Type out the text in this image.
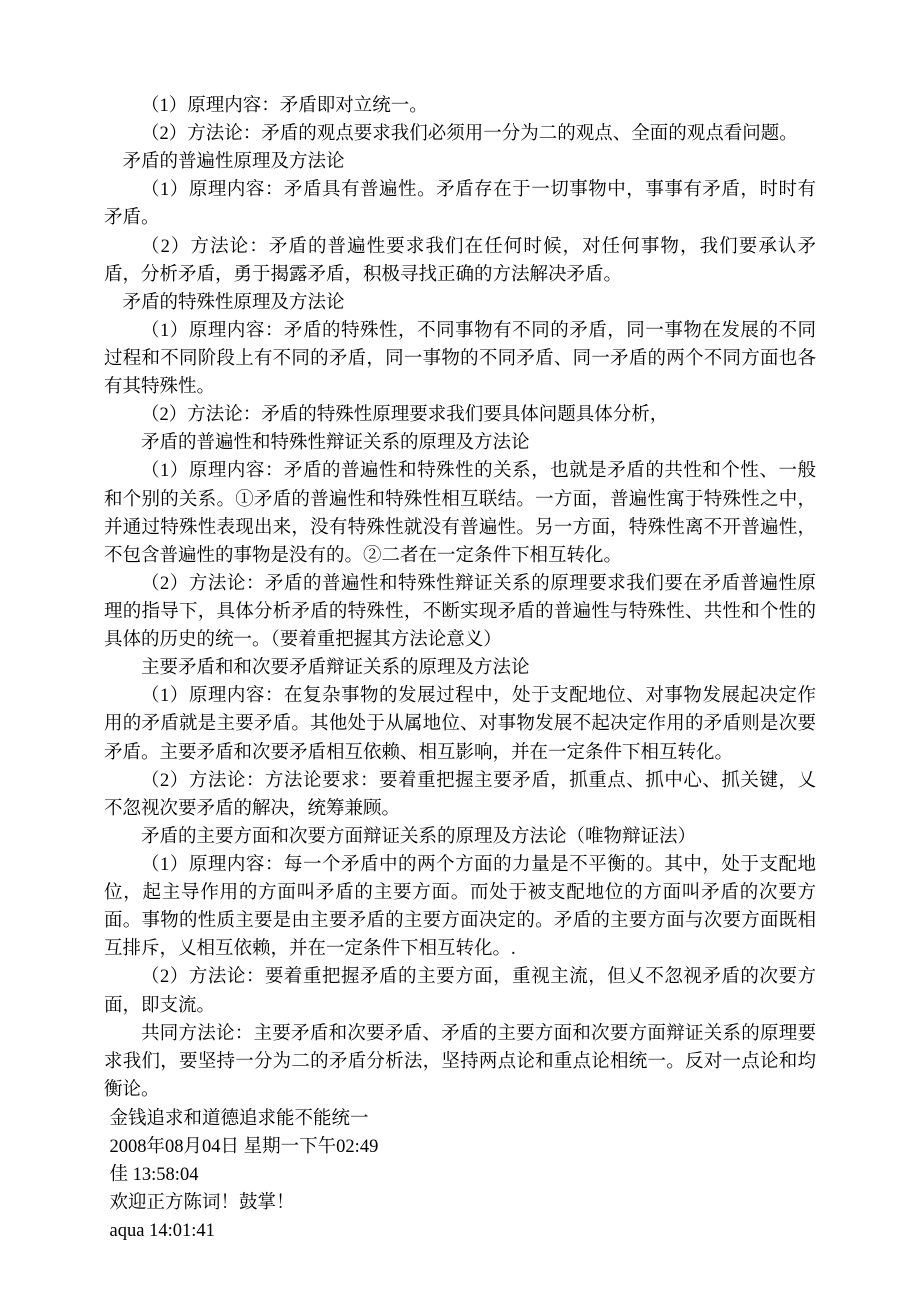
（1）原理内容：矛盾即对立统一。

（2）方法论：矛盾的观点要求我们必须用一分为二的观点、全面的观点看问题。

矛盾的普遍性原理及方法论

（1）原理内容：矛盾具有普遍性。矛盾存在于一切事物中，事事有矛盾，时时有矛盾。

（2）方法论：矛盾的普遍性要求我们在任何时候，对任何事物，我们要承认矛盾，分析矛盾，勇于揭露矛盾，积极寻找正确的方法解决矛盾。

矛盾的特殊性原理及方法论

（1）原理内容：矛盾的特殊性，不同事物有不同的矛盾，同一事物在发展的不同过程和不同阶段上有不同的矛盾，同一事物的不同矛盾、同一矛盾的两个不同方面也各有其特殊性。

（2）方法论：矛盾的特殊性原理要求我们要具体问题具体分析，

矛盾的普遍性和特殊性辩证关系的原理及方法论

（1）原理内容：矛盾的普遍性和特殊性的关系，也就是矛盾的共性和个性、一般和个别的关系。①矛盾的普遍性和特殊性相互联结。一方面，普遍性寓于特殊性之中，并通过特殊性表现出来，没有特殊性就没有普遍性。另一方面，特殊性离不开普遍性，不包含普遍性的事物是没有的。②二者在一定条件下相互转化。

（2）方法论：矛盾的普遍性和特殊性辩证关系的原理要求我们要在矛盾普遍性原理的指导下，具体分析矛盾的特殊性，不断实现矛盾的普遍性与特殊性、共性和个性的具体的历史的统一。（要着重把握其方法论意义）

主要矛盾和和次要矛盾辩证关系的原理及方法论

（1）原理内容：在复杂事物的发展过程中，处于支配地位、对事物发展起决定作用的矛盾就是主要矛盾。其他处于从属地位、对事物发展不起决定作用的矛盾则是次要矛盾。主要矛盾和次要矛盾相互依赖、相互影响，并在一定条件下相互转化。

（2）方法论：方法论要求：要着重把握主要矛盾，抓重点、抓中心、抓关键，乂不忽视次要矛盾的解决，统筹兼顾。

矛盾的主要方面和次要方面辩证关系的原理及方法论（唯物辩证法）

（1）原理内容：每一个矛盾中的两个方面的力量是不平衡的。其中，处于支配地位，起主导作用的方面叫矛盾的主要方面。而处于被支配地位的方面叫矛盾的次要方面。事物的性质主要是由主要矛盾的主要方面决定的。矛盾的主要方面与次要方面既相互排斥，乂相互依赖，并在一定条件下相互转化。.

（2）方法论：要着重把握矛盾的主要方面，重视主流，但乂不忽视矛盾的次要方面，即支流。

共同方法论：主要矛盾和次要矛盾、矛盾的主要方面和次要方面辩证关系的原理要求我们，要坚持一分为二的矛盾分析法，坚持两点论和重点论相统一。反对一点论和均衡论。

金钱追求和道德追求能不能统一

2008年08月04日 星期一下午02:49

佳 13:58:04

欢迎正方陈词！鼓掌！

aqua 14:01:41
